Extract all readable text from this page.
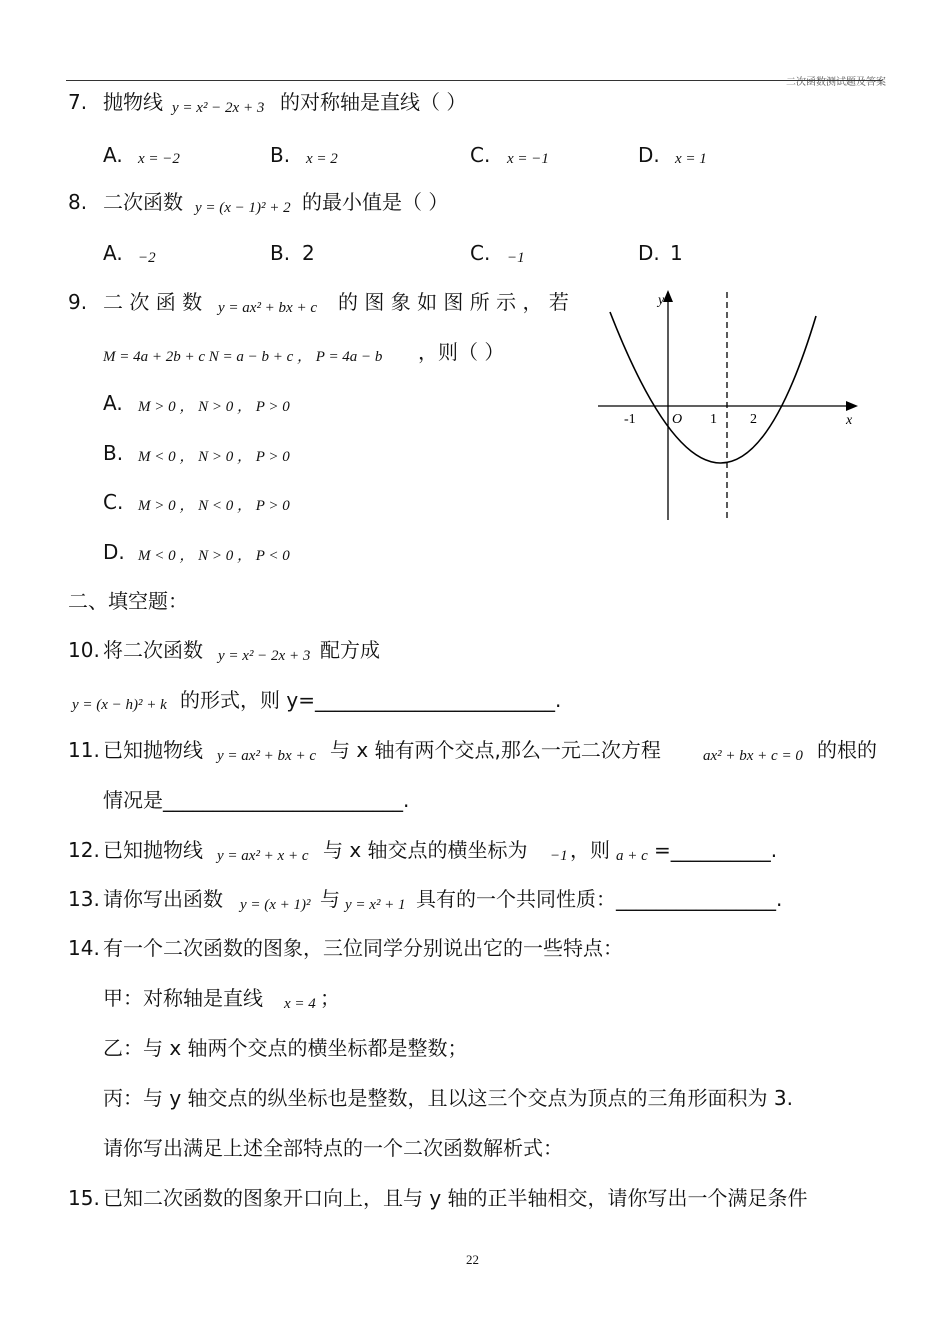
二次函数测试题及答案
7. 抛物线 y = x² − 2x + 3 的对称轴是直线（ ）
A. x = −2	B. x = 2	C. x = −1	D. x = 1
8. 二次函数 y = (x − 1)² + 2 的最小值是（ ）
A. −2	B. 2	C. −1	D. 1
9. 二 次 函 数 y = ax² + bx + c 的 图 象 如 图 所 示 ， 若
M = 4a + 2b + c N = a − b + c ， P = 4a − b ，则（ ）
A. M > 0 ， N > 0 ， P > 0
B. M < 0 ， N > 0 ， P > 0
C. M > 0 ， N < 0 ， P > 0
D. M < 0 ， N > 0 ， P < 0
y
x
O
-1	1 2
二、填空题：
10. 将二次函数 y = x² − 2x + 3 配方成
y = (x − h)² + k 的形式，则 y=________________________.
11. 已知抛物线 y = ax² + bx + c 与 x 轴有两个交点,那么一元二次方程	ax² + bx + c = 0 的根的
情况是________________________.
12. 已知抛物线 y = ax² + x + c 与 x 轴交点的横坐标为 −1 ，则 a + c =__________.
13. 请你写出函数 y = (x + 1)² 与 y = x² + 1 具有的一个共同性质：________________.
14. 有一个二次函数的图象，三位同学分别说出它的一些特点：
甲：对称轴是直线 x = 4 ；
乙：与 x 轴两个交点的横坐标都是整数；
丙：与 y 轴交点的纵坐标也是整数，且以这三个交点为顶点的三角形面积为 3.
请你写出满足上述全部特点的一个二次函数解析式：
15. 已知二次函数的图象开口向上，且与 y 轴的正半轴相交，请你写出一个满足条件
22
